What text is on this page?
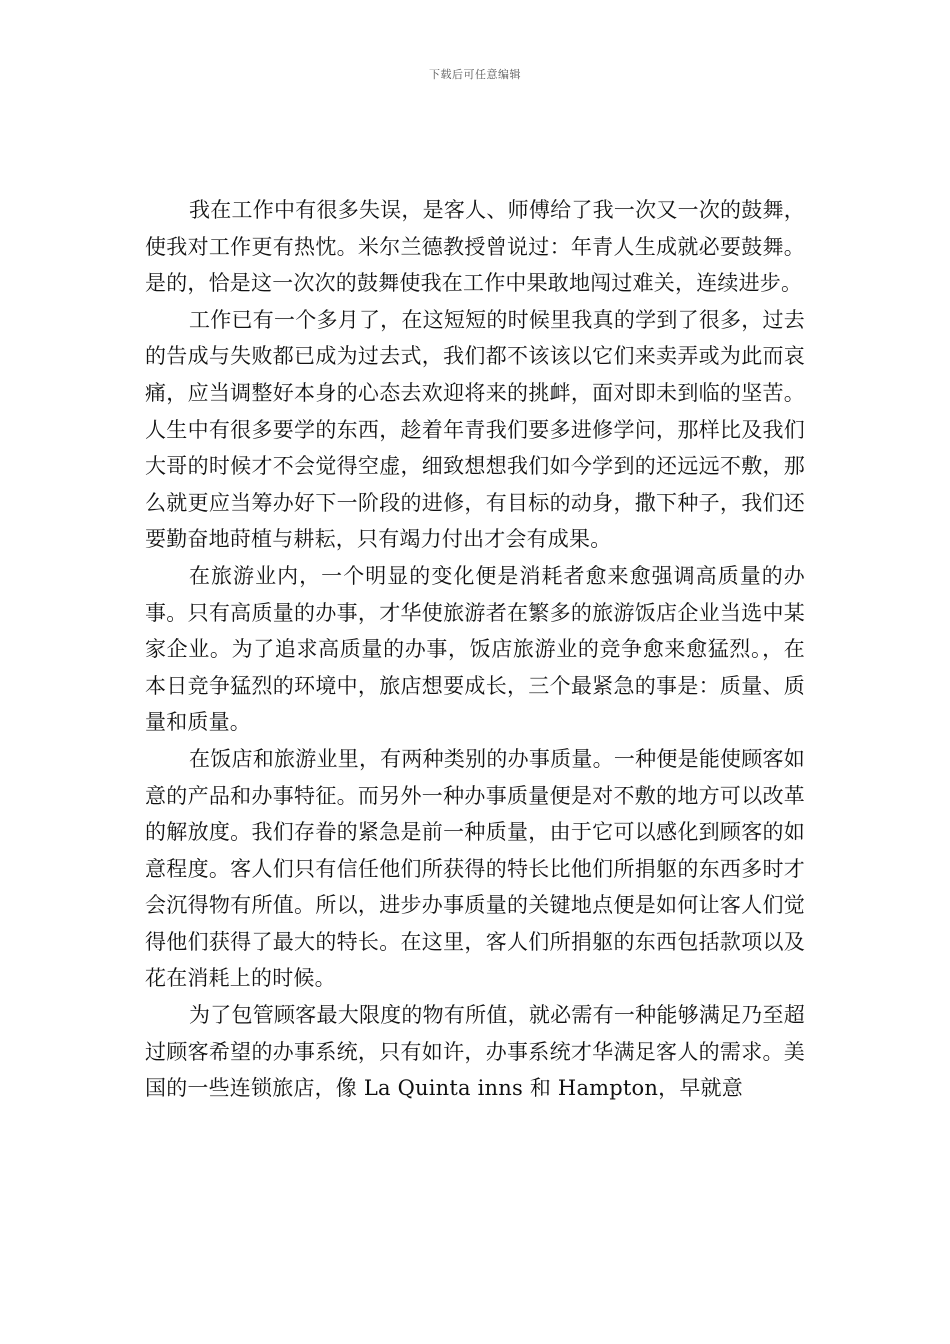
下载后可任意编辑

我在工作中有很多失误，是客人、师傅给了我一次又一次的鼓舞，使我对工作更有热忱。米尔兰德教授曾说过：年青人生成就必要鼓舞。是的，恰是这一次次的鼓舞使我在工作中果敢地闯过难关，连续进步。

工作已有一个多月了，在这短短的时候里我真的学到了很多，过去的告成与失败都已成为过去式，我们都不该该以它们来卖弄或为此而哀痛，应当调整好本身的心态去欢迎将来的挑衅，面对即未到临的坚苦。人生中有很多要学的东西，趁着年青我们要多进修学问，那样比及我们大哥的时候才不会觉得空虚，细致想想我们如今学到的还远远不敷，那么就更应当筹办好下一阶段的进修，有目标的动身，撒下种子，我们还要勤奋地莳植与耕耘，只有竭力付出才会有成果。

在旅游业内，一个明显的变化便是消耗者愈来愈强调高质量的办事。只有高质量的办事，才华使旅游者在繁多的旅游饭店企业当选中某家企业。为了追求高质量的办事，饭店旅游业的竞争愈来愈猛烈。，在本日竞争猛烈的环境中，旅店想要成长，三个最紧急的事是：质量、质量和质量。

在饭店和旅游业里，有两种类别的办事质量。一种便是能使顾客如意的产品和办事特征。而另外一种办事质量便是对不敷的地方可以改革的解放度。我们存眷的紧急是前一种质量，由于它可以感化到顾客的如意程度。客人们只有信任他们所获得的特长比他们所捐躯的东西多时才会沉得物有所值。所以，进步办事质量的关键地点便是如何让客人们觉得他们获得了最大的特长。在这里，客人们所捐躯的东西包括款项以及花在消耗上的时候。

为了包管顾客最大限度的物有所值，就必需有一种能够满足乃至超过顾客希望的办事系统，只有如许，办事系统才华满足客人的需求。美国的一些连锁旅店，像 La Quinta inns 和 Hampton，早就意
